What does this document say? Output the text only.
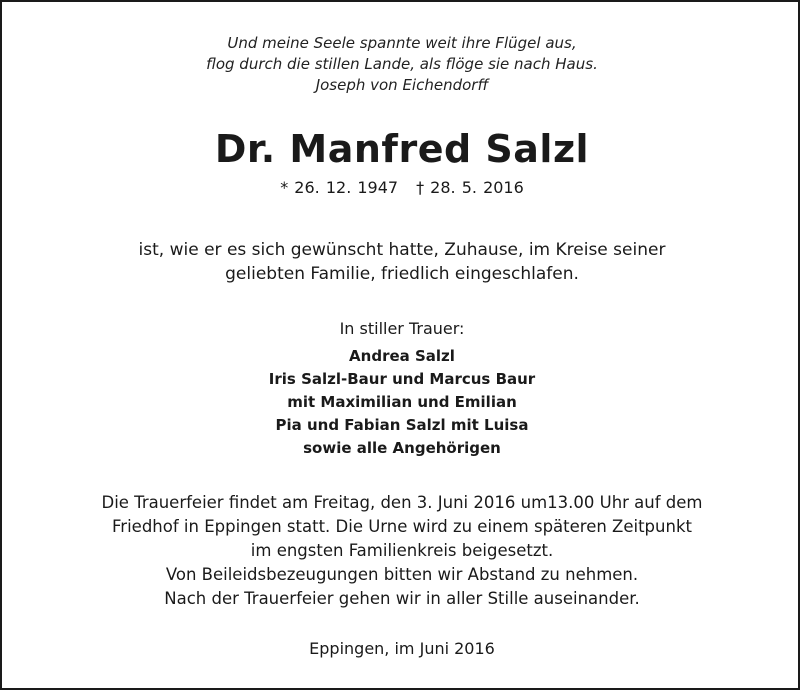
Und meine Seele spannte weit ihre Flügel aus,
flog durch die stillen Lande, als flöge sie nach Haus.
Joseph von Eichendorff
Dr. Manfred Salzl
* 26. 12. 1947 † 28. 5. 2016
ist, wie er es sich gewünscht hatte, Zuhause, im Kreise seiner
geliebten Familie, friedlich eingeschlafen.
In stiller Trauer:
Andrea Salzl
Iris Salzl-Baur und Marcus Baur
mit Maximilian und Emilian
Pia und Fabian Salzl mit Luisa
sowie alle Angehörigen
Die Trauerfeier findet am Freitag, den 3. Juni 2016 um13.00 Uhr auf dem
Friedhof in Eppingen statt. Die Urne wird zu einem späteren Zeitpunkt
im engsten Familienkreis beigesetzt.
Von Beileidsbezeugungen bitten wir Abstand zu nehmen.
Nach der Trauerfeier gehen wir in aller Stille auseinander.
Eppingen, im Juni 2016
